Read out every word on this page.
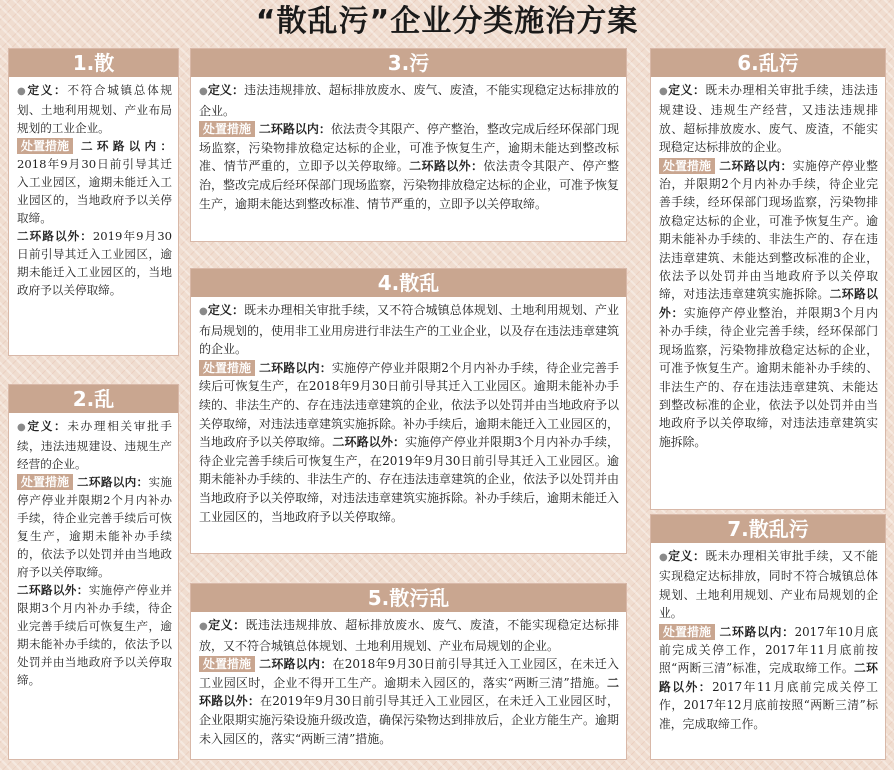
“散乱污”企业分类施治方案
1.散

●定义：不符合城镇总体规划、土地利用规划、产业布局规划的工业企业。

处置措施 二环路以内：2018年9月30日前引导其迁入工业园区，逾期未能迁入工业园区的，当地政府予以关停取缔。

二环路以外：2019年9月30日前引导其迁入工业园区，逾期未能迁入工业园区的，当地政府予以关停取缔。

2.乱

●定义：未办理相关审批手续，违法违规建设、违规生产经营的企业。

处置措施 二环路以内：实施停产停业并限期2个月内补办手续，待企业完善手续后可恢复生产，逾期未能补办手续的，依法予以处罚并由当地政府予以关停取缔。

二环路以外：实施停产停业并限期3个月内补办手续，待企业完善手续后可恢复生产，逾期未能补办手续的，依法予以处罚并由当地政府予以关停取缔。

3.污

●定义：违法违规排放、超标排放废水、废气、废渣，不能实现稳定达标排放的企业。

处置措施 二环路以内：依法责令其限产、停产整治，整改完成后经环保部门现场监察，污染物排放稳定达标的企业，可准予恢复生产，逾期未能达到整改标准、情节严重的，立即予以关停取缔。二环路以外：依法责令其限产、停产整治，整改完成后经环保部门现场监察，污染物排放稳定达标的企业，可准予恢复生产，逾期未能达到整改标准、情节严重的，立即予以关停取缔。

4.散乱

●定义：既未办理相关审批手续，又不符合城镇总体规划、土地利用规划、产业布局规划的，使用非工业用房进行非法生产的工业企业，以及存在违法违章建筑的企业。

处置措施 二环路以内：实施停产停业并限期2个月内补办手续，待企业完善手续后可恢复生产，在2018年9月30日前引导其迁入工业园区。逾期未能补办手续的、非法生产的、存在违法违章建筑的企业，依法予以处罚并由当地政府予以关停取缔，对违法违章建筑实施拆除。补办手续后，逾期未能迁入工业园区的，当地政府予以关停取缔。二环路以外：实施停产停业并限期3个月内补办手续，待企业完善手续后可恢复生产，在2019年9月30日前引导其迁入工业园区。逾期未能补办手续的、非法生产的、存在违法违章建筑的企业，依法予以处罚并由当地政府予以关停取缔，对违法违章建筑实施拆除。补办手续后，逾期未能迁入工业园区的，当地政府予以关停取缔。

5.散污乱

●定义：既违法违规排放、超标排放废水、废气、废渣，不能实现稳定达标排放，又不符合城镇总体规划、土地利用规划、产业布局规划的企业。

处置措施 二环路以内：在2018年9月30日前引导其迁入工业园区，在未迁入工业园区时，企业不得开工生产。逾期未入园区的，落实“两断三清”措施。二环路以外：在2019年9月30日前引导其迁入工业园区，在未迁入工业园区时，企业限期实施污染设施升级改造，确保污染物达到排放后，企业方能生产。逾期未入园区的，落实“两断三清”措施。

6.乱污

●定义：既未办理相关审批手续，违法违规建设、违规生产经营，又违法违规排放、超标排放废水、废气、废渣，不能实现稳定达标排放的企业。

处置措施 二环路以内：实施停产停业整治，并限期2个月内补办手续，待企业完善手续，经环保部门现场监察，污染物排放稳定达标的企业，可准予恢复生产。逾期未能补办手续的、非法生产的、存在违法违章建筑、未能达到整改标准的企业，依法予以处罚并由当地政府予以关停取缔，对违法违章建筑实施拆除。二环路以外：实施停产停业整治，并限期3个月内补办手续，待企业完善手续，经环保部门现场监察，污染物排放稳定达标的企业，可准予恢复生产。逾期未能补办手续的、非法生产的、存在违法违章建筑、未能达到整改标准的企业，依法予以处罚并由当地政府予以关停取缔，对违法违章建筑实施拆除。

7.散乱污

●定义：既未办理相关审批手续，又不能实现稳定达标排放，同时不符合城镇总体规划、土地利用规划、产业布局规划的企业。

处置措施 二环路以内：2017年10月底前完成关停工作，2017年11月底前按照“两断三清”标准，完成取缔工作。二环路以外：2017年11月底前完成关停工作，2017年12月底前按照“两断三清”标准，完成取缔工作。
